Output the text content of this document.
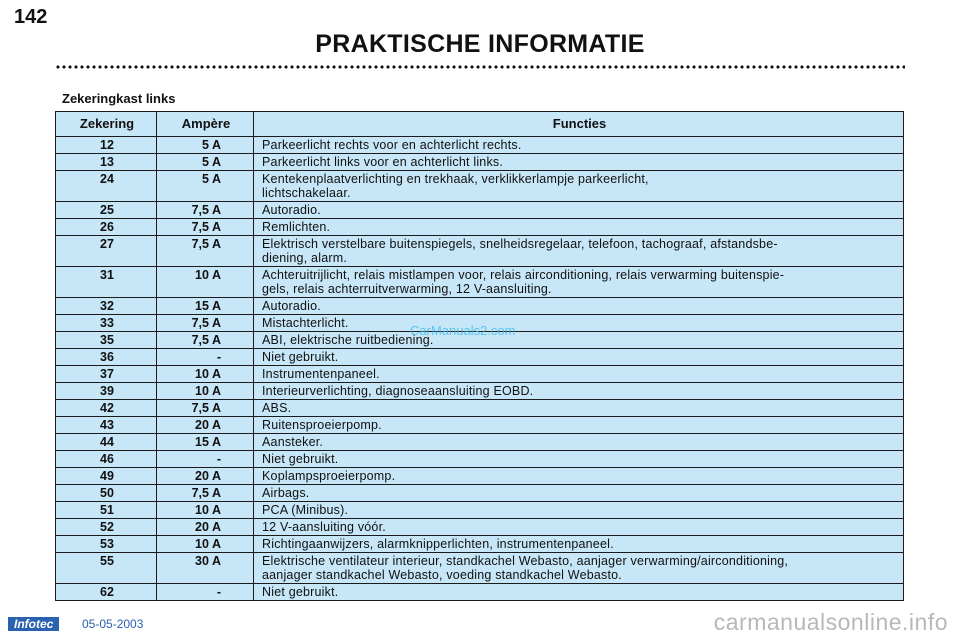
142
PRAKTISCHE INFORMATIE
Zekeringkast links
Zekering	Ampère	Functies
12	5 A	Parkeerlicht rechts voor en achterlicht rechts.
13	5 A	Parkeerlicht links voor en achterlicht links.
24	5 A	Kentekenplaatverlichting en trekhaak, verklikkerlampje parkeerlicht,
lichtschakelaar.
25	7,5 A	Autoradio.
26	7,5 A	Remlichten.
27	7,5 A	Elektrisch verstelbare buitenspiegels, snelheidsregelaar, telefoon, tachograaf, afstandsbe-
diening, alarm.
31	10 A	Achteruitrijlicht, relais mistlampen voor, relais airconditioning, relais verwarming buitenspie-
gels, relais achterruitverwarming, 12 V-aansluiting.
32	15 A	Autoradio.
33	7,5 A	Mistachterlicht.
35	7,5 A	ABI, elektrische ruitbediening.
36	-	Niet gebruikt.
37	10 A	Instrumentenpaneel.
39	10 A	Interieurverlichting, diagnoseaansluiting EOBD.
42	7,5 A	ABS.
43	20 A	Ruitensproeierpomp.
44	15 A	Aansteker.
46	-	Niet gebruikt.
49	20 A	Koplampsproeierpomp.
50	7,5 A	Airbags.
51	10 A	PCA (Minibus).
52	20 A	12 V-aansluiting vóór.
53	10 A	Richtingaanwijzers, alarmknipperlichten, instrumentenpaneel.
55	30 A	Elektrische ventilateur interieur, standkachel Webasto, aanjager verwarming/airconditioning,
aanjager standkachel Webasto, voeding standkachel Webasto.
62	-	Niet gebruikt.
CarManuals2.com
Infotec	05-05-2003	carmanualsonline.info
